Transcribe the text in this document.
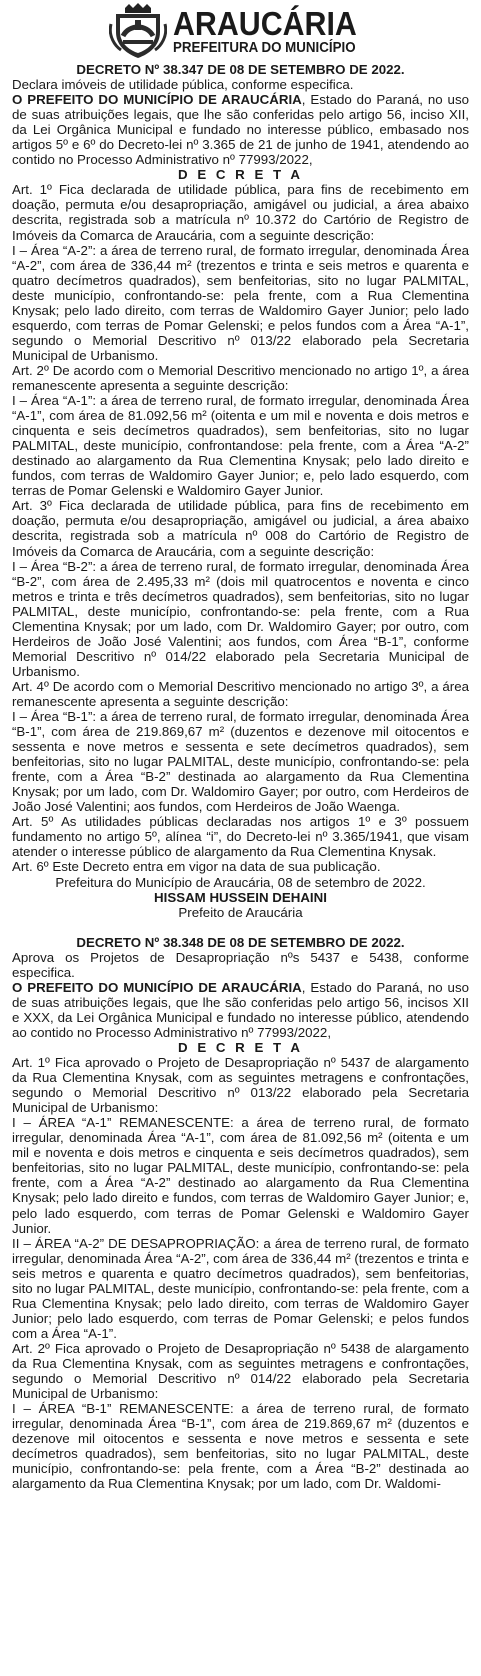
ARAUCÁRIA
PREFEITURA DO MUNICÍPIO

DECRETO Nº 38.347 DE 08 DE SETEMBRO DE 2022.

Declara imóveis de utilidade pública, conforme especifica.

O PREFEITO DO MUNICÍPIO DE ARAUCÁRIA, Estado do Paraná, no uso de suas atribuições legais, que lhe são conferidas pelo artigo 56, inciso XII, da Lei Orgânica Municipal e fundado no interesse público, embasado nos artigos 5º e 6º do Decreto-lei nº 3.365 de 21 de junho de 1941, atendendo ao contido no Processo Administrativo nº 77993/2022,

D E C R E T A

Art. 1º Fica declarada de utilidade pública, para fins de recebimento em doação, permuta e/ou desapropriação, amigável ou judicial, a área abaixo descrita, registrada sob a matrícula nº 10.372 do Cartório de Registro de Imóveis da Comarca de Araucária, com a seguinte descrição:

I – Área “A-2”: a área de terreno rural, de formato irregular, denominada Área “A-2”, com área de 336,44 m² (trezentos e trinta e seis metros e quarenta e quatro decímetros quadrados), sem benfeitorias, sito no lugar PALMITAL, deste município, confrontando-se: pela frente, com a Rua Clementina Knysak; pelo lado direito, com terras de Waldomiro Gayer Junior; pelo lado esquerdo, com terras de Pomar Gelenski; e pelos fundos com a Área “A-1”, segundo o Memorial Descritivo nº 013/22 elaborado pela Secretaria Municipal de Urbanismo.

Art. 2º De acordo com o Memorial Descritivo mencionado no artigo 1º, a área remanescente apresenta a seguinte descrição:

I – Área “A-1”: a área de terreno rural, de formato irregular, denominada Área “A-1”, com área de 81.092,56 m² (oitenta e um mil e noventa e dois metros e cinquenta e seis decímetros quadrados), sem benfeitorias, sito no lugar PALMITAL, deste município, confrontandose: pela frente, com a Área “A-2” destinado ao alargamento da Rua Clementina Knysak; pelo lado direito e fundos, com terras de Waldomiro Gayer Junior; e, pelo lado esquerdo, com terras de Pomar Gelenski e Waldomiro Gayer Junior.

Art. 3º Fica declarada de utilidade pública, para fins de recebimento em doação, permuta e/ou desapropriação, amigável ou judicial, a área abaixo descrita, registrada sob a matrícula nº 008 do Cartório de Registro de Imóveis da Comarca de Araucária, com a seguinte descrição:

I – Área “B-2”: a área de terreno rural, de formato irregular, denominada Área “B-2”, com área de 2.495,33 m² (dois mil quatrocentos e noventa e cinco metros e trinta e três decímetros quadrados), sem benfeitorias, sito no lugar PALMITAL, deste município, confrontando-se: pela frente, com a Rua Clementina Knysak; por um lado, com Dr. Waldomiro Gayer; por outro, com Herdeiros de João José Valentini; aos fundos, com Área “B-1”, conforme Memorial Descritivo nº 014/22 elaborado pela Secretaria Municipal de Urbanismo.

Art. 4º De acordo com o Memorial Descritivo mencionado no artigo 3º, a área remanescente apresenta a seguinte descrição:

I – Área “B-1”: a área de terreno rural, de formato irregular, denominada Área “B-1”, com área de 219.869,67 m² (duzentos e dezenove mil oitocentos e sessenta e nove metros e sessenta e sete decímetros quadrados), sem benfeitorias, sito no lugar PALMITAL, deste município, confrontando-se: pela frente, com a Área “B-2” destinada ao alargamento da Rua Clementina Knysak; por um lado, com Dr. Waldomiro Gayer; por outro, com Herdeiros de João José Valentini; aos fundos, com Herdeiros de João Waenga.

Art. 5º As utilidades públicas declaradas nos artigos 1º e 3º possuem fundamento no artigo 5º, alínea “i”, do Decreto-lei nº 3.365/1941, que visam atender o interesse público de alargamento da Rua Clementina Knysak.

Art. 6º Este Decreto entra em vigor na data de sua publicação.

Prefeitura do Município de Araucária, 08 de setembro de 2022.

HISSAM HUSSEIN DEHAINI

Prefeito de Araucária

DECRETO Nº 38.348 DE 08 DE SETEMBRO DE 2022.

Aprova os Projetos de Desapropriação nºs 5437 e 5438, conforme especifica.

O PREFEITO DO MUNICÍPIO DE ARAUCÁRIA, Estado do Paraná, no uso de suas atribuições legais, que lhe são conferidas pelo artigo 56, incisos XII e XXX, da Lei Orgânica Municipal e fundado no interesse público, atendendo ao contido no Processo Administrativo nº 77993/2022,

D E C R E T A

Art. 1º Fica aprovado o Projeto de Desapropriação nº 5437 de alargamento da Rua Clementina Knysak, com as seguintes metragens e confrontações, segundo o Memorial Descritivo nº 013/22 elaborado pela Secretaria Municipal de Urbanismo:

I – ÁREA “A-1” REMANESCENTE: a área de terreno rural, de formato irregular, denominada Área “A-1”, com área de 81.092,56 m² (oitenta e um mil e noventa e dois metros e cinquenta e seis decímetros quadrados), sem benfeitorias, sito no lugar PALMITAL, deste município, confrontando-se: pela frente, com a Área “A-2” destinado ao alargamento da Rua Clementina Knysak; pelo lado direito e fundos, com terras de Waldomiro Gayer Junior; e, pelo lado esquerdo, com terras de Pomar Gelenski e Waldomiro Gayer Junior.

II – ÁREA “A-2” DE DESAPROPRIAÇÃO: a área de terreno rural, de formato irregular, denominada Área “A-2”, com área de 336,44 m² (trezentos e trinta e seis metros e quarenta e quatro decímetros quadrados), sem benfeitorias, sito no lugar PALMITAL, deste município, confrontando-se: pela frente, com a Rua Clementina Knysak; pelo lado direito, com terras de Waldomiro Gayer Junior; pelo lado esquerdo, com terras de Pomar Gelenski; e pelos fundos com a Área “A-1”.

Art. 2º Fica aprovado o Projeto de Desapropriação nº 5438 de alargamento da Rua Clementina Knysak, com as seguintes metragens e confrontações, segundo o Memorial Descritivo nº 014/22 elaborado pela Secretaria Municipal de Urbanismo:

I – ÁREA “B-1” REMANESCENTE: a área de terreno rural, de formato irregular, denominada Área “B-1”, com área de 219.869,67 m² (duzentos e dezenove mil oitocentos e sessenta e nove metros e sessenta e sete decímetros quadrados), sem benfeitorias, sito no lugar PALMITAL, deste município, confrontando-se: pela frente, com a Área “B-2” destinada ao alargamento da Rua Clementina Knysak; por um lado, com Dr. Waldomi-
